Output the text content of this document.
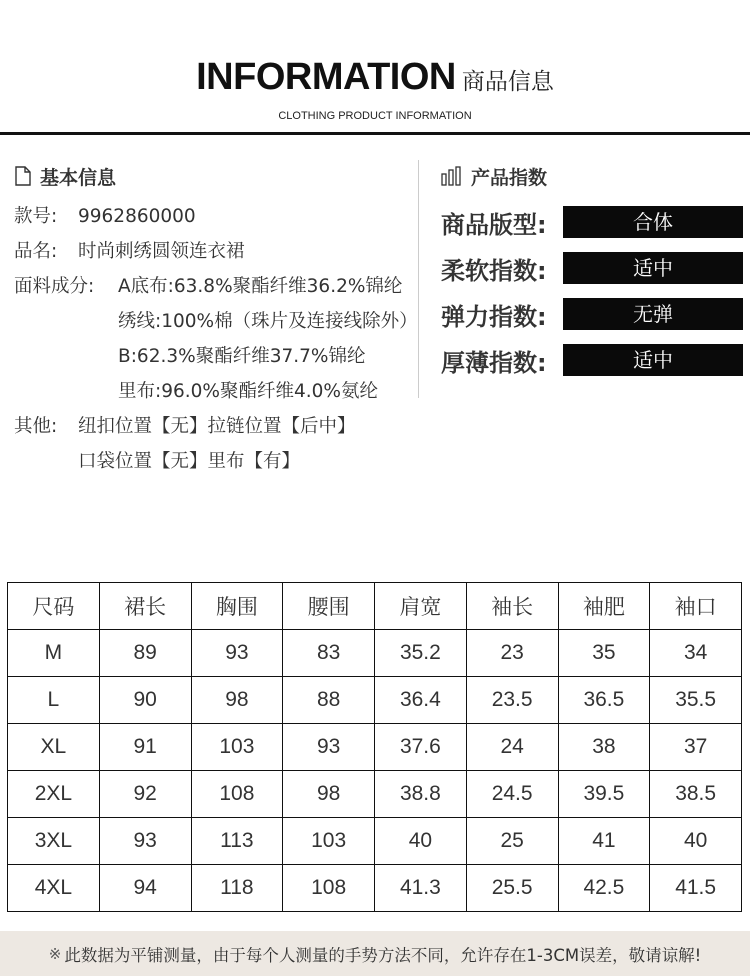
INFORMATION 商品信息
CLOTHING PRODUCT INFORMATION
基本信息
款号:	9962860000
品名:	时尚刺绣圆领连衣裙
面料成分:	A底布:63.8%聚酯纤维36.2%锦纶
绣线:100%棉（珠片及连接线除外）
B:62.3%聚酯纤维37.7%锦纶
里布:96.0%聚酯纤维4.0%氨纶
其他:	纽扣位置【无】拉链位置【后中】
口袋位置【无】里布【有】
产品指数
商品版型:	合体
柔软指数:	适中
弹力指数:	无弹
厚薄指数:	适中
尺码	裙长	胸围	腰围	肩宽	袖长	袖肥	袖口
M	89	93	83	35.2	23	35	34
L	90	98	88	36.4	23.5	36.5	35.5
XL	91	103	93	37.6	24	38	37
2XL	92	108	98	38.8	24.5	39.5	38.5
3XL	93	113	103	40	25	41	40
4XL	94	118	108	41.3	25.5	42.5	41.5
※ 此数据为平铺测量，由于每个人测量的手势方法不同，允许存在1-3CM误差，敬请谅解!
